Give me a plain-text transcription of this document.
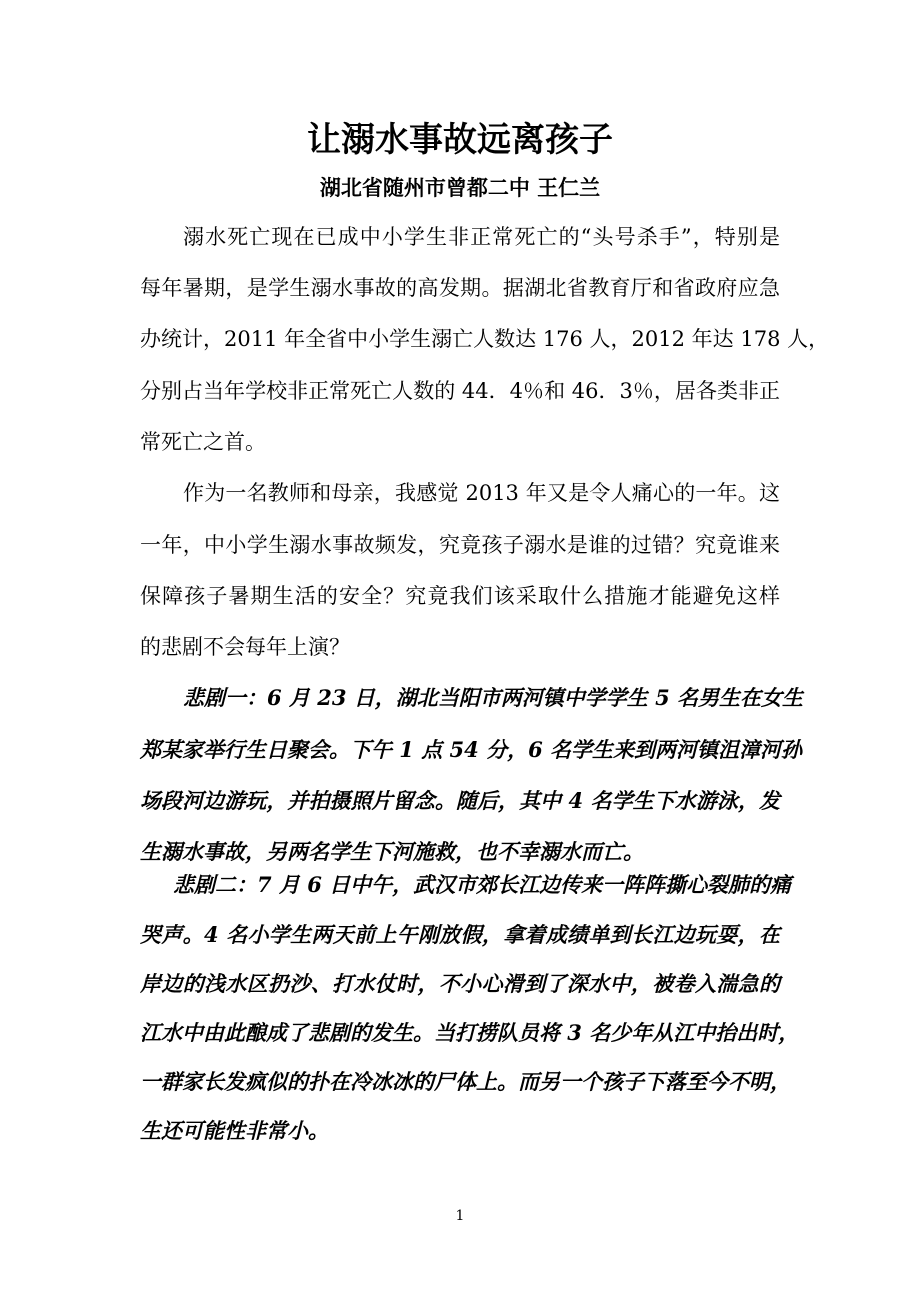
让溺水事故远离孩子
湖北省随州市曾都二中 王仁兰
溺水死亡现在已成中小学生非正常死亡的“头号杀手”，特别是
每年暑期，是学生溺水事故的高发期。据湖北省教育厅和省政府应急
办统计，2011 年全省中小学生溺亡人数达 176 人，2012 年达 178 人，
分别占当年学校非正常死亡人数的 44．4％和 46．3％，居各类非正
常死亡之首。
作为一名教师和母亲，我感觉 2013 年又是令人痛心的一年。这
一年，中小学生溺水事故频发，究竟孩子溺水是谁的过错？究竟谁来
保障孩子暑期生活的安全？究竟我们该采取什么措施才能避免这样
的悲剧不会每年上演？
悲剧一：6 月 23 日，湖北当阳市两河镇中学学生 5 名男生在女生
郑某家举行生日聚会。下午 1 点 54 分，6 名学生来到两河镇沮漳河孙
场段河边游玩，并拍摄照片留念。随后，其中 4 名学生下水游泳，发
生溺水事故，另两名学生下河施救，也不幸溺水而亡。
悲剧二：7 月 6 日中午，武汉市郊长江边传来一阵阵撕心裂肺的痛
哭声。4 名小学生两天前上午刚放假，拿着成绩单到长江边玩耍，在
岸边的浅水区扔沙、打水仗时，不小心滑到了深水中，被卷入湍急的
江水中由此酿成了悲剧的发生。当打捞队员将 3 名少年从江中抬出时，
一群家长发疯似的扑在冷冰冰的尸体上。而另一个孩子下落至今不明，
生还可能性非常小。
1
